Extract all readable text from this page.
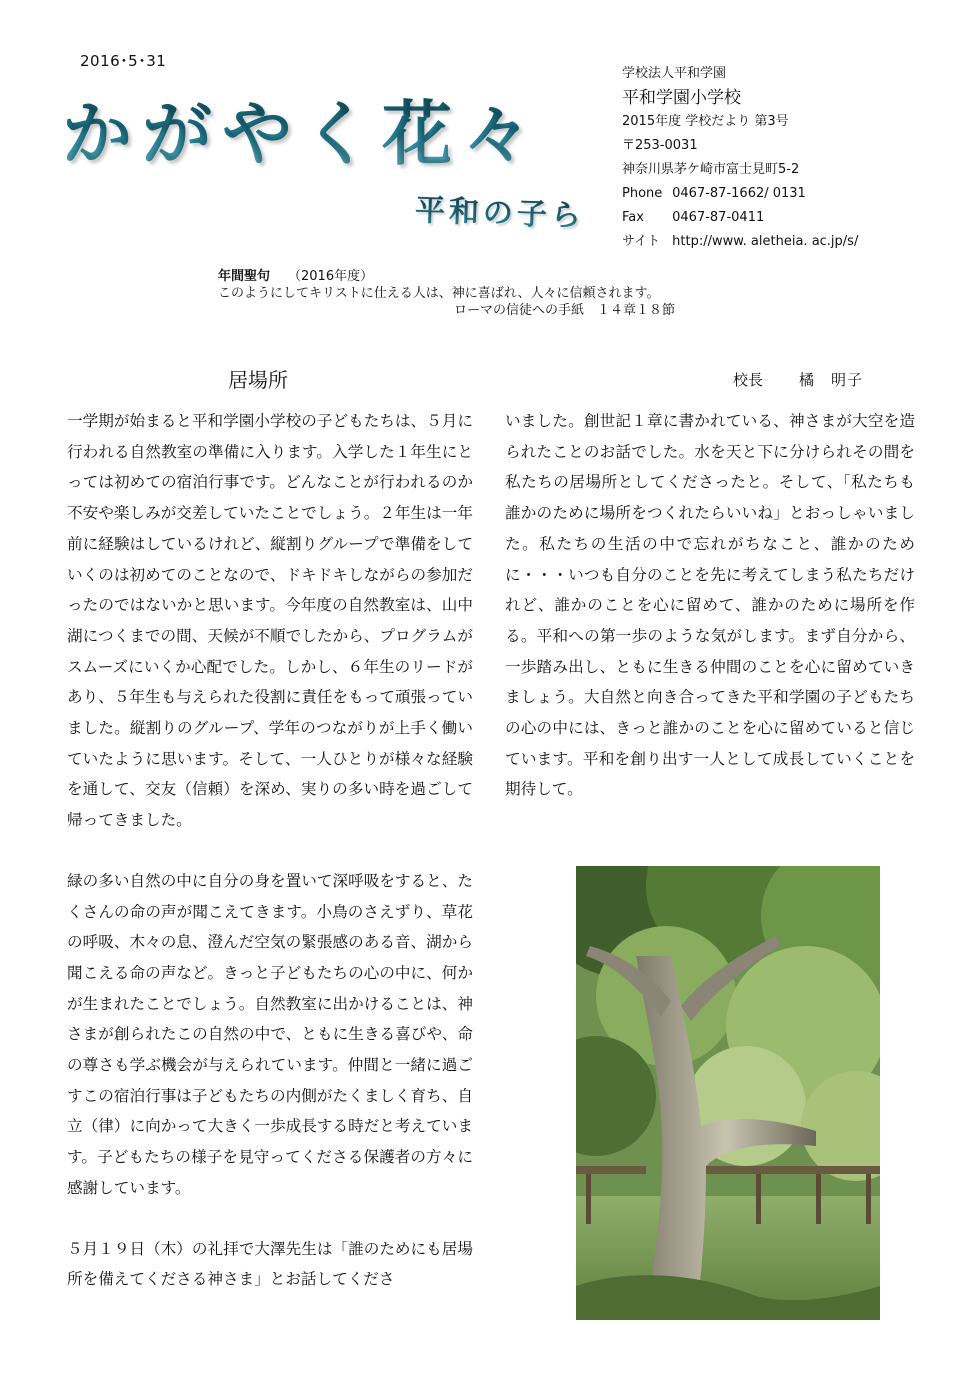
2016･5･31
かがやく花々
平和の子ら
学校法人平和学園
平和学園小学校
2015年度 学校だより 第3号
〒253-0031
神奈川県茅ケ崎市富士見町5-2
Phone 0467-87-1662/ 0131
Fax 0467-87-0411
サイト http://www. aletheia. ac.jp/s/
年間聖句 （2016年度）
このようにしてキリストに仕える人は、神に喜ばれ、人々に信頼されます。
ローマの信徒への手紙　１４章１８節
居場所	校長 橘　明子

一学期が始まると平和学園小学校の子どもたちは、５月に行われる自然教室の準備に入ります。入学した１年生にとっては初めての宿泊行事です。どんなことが行われるのか不安や楽しみが交差していたことでしょう。２年生は一年前に経験はしているけれど、縦割りグループで準備をしていくのは初めてのことなので、ドキドキしながらの参加だったのではないかと思います。今年度の自然教室は、山中湖につくまでの間、天候が不順でしたから、プログラムがスムーズにいくか心配でした。しかし、６年生のリードがあり、５年生も与えられた役割に責任をもって頑張っていました。縦割りのグループ、学年のつながりが上手く働いていたように思います。そして、一人ひとりが様々な経験を通して、交友（信頼）を深め、実りの多い時を過ごして帰ってきました。

緑の多い自然の中に自分の身を置いて深呼吸をすると、たくさんの命の声が聞こえてきます。小鳥のさえずり、草花の呼吸、木々の息、澄んだ空気の緊張感のある音、湖から聞こえる命の声など。きっと子どもたちの心の中に、何かが生まれたことでしょう。自然教室に出かけることは、神さまが創られたこの自然の中で、ともに生きる喜びや、命の尊さも学ぶ機会が与えられています。仲間と一緒に過ごすこの宿泊行事は子どもたちの内側がたくましく育ち、自立（律）に向かって大きく一歩成長する時だと考えています。子どもたちの様子を見守ってくださる保護者の方々に感謝しています。

５月１９日（木）の礼拝で大澤先生は「誰のためにも居場所を備えてくださる神さま」とお話してくださ

いました。創世記１章に書かれている、神さまが大空を造られたことのお話でした。水を天と下に分けられその間を私たちの居場所としてくださったと。そして、「私たちも誰かのために場所をつくれたらいいね」とおっしゃいました。私たちの生活の中で忘れがちなこと、誰かのために・・・いつも自分のことを先に考えてしまう私たちだけれど、誰かのことを心に留めて、誰かのために場所を作る。平和への第一歩のような気がします。まず自分から、一歩踏み出し、ともに生きる仲間のことを心に留めていきましょう。大自然と向き合ってきた平和学園の子どもたちの心の中には、きっと誰かのことを心に留めていると信じています。平和を創り出す一人として成長していくことを期待して。
